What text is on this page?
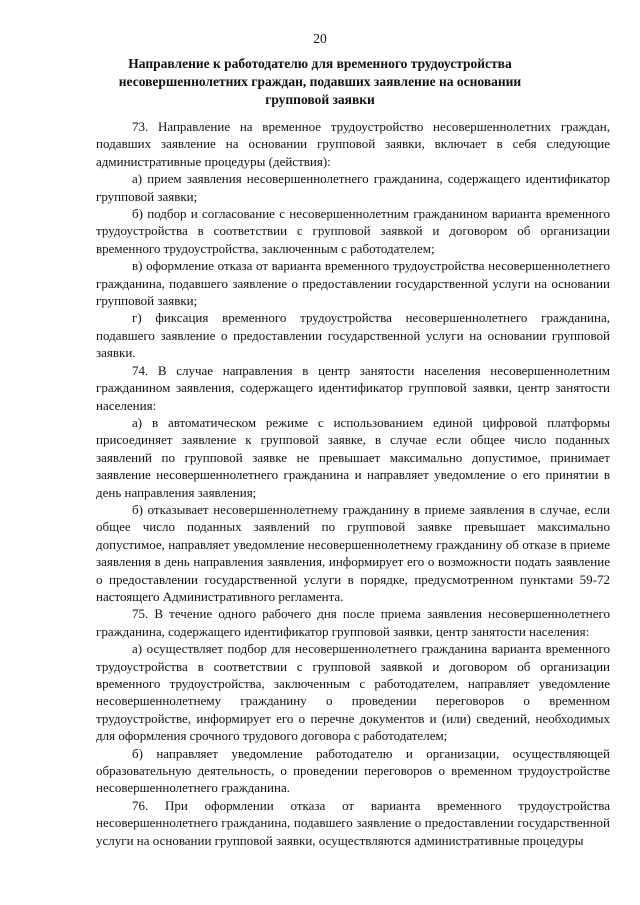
20
Направление к работодателю для временного трудоустройства несовершеннолетних граждан, подавших заявление на основании групповой заявки

73. Направление на временное трудоустройство несовершеннолетних граждан, подавших заявление на основании групповой заявки, включает в себя следующие административные процедуры (действия):

а) прием заявления несовершеннолетнего гражданина, содержащего идентификатор групповой заявки;

б) подбор и согласование с несовершеннолетним гражданином варианта временного трудоустройства в соответствии с групповой заявкой и договором об организации временного трудоустройства, заключенным с работодателем;

в) оформление отказа от варианта временного трудоустройства несовершеннолетнего гражданина, подавшего заявление о предоставлении государственной услуги на основании групповой заявки;

г) фиксация временного трудоустройства несовершеннолетнего гражданина, подавшего заявление о предоставлении государственной услуги на основании групповой заявки.

74. В случае направления в центр занятости населения несовершеннолетним гражданином заявления, содержащего идентификатор групповой заявки, центр занятости населения:

а) в автоматическом режиме с использованием единой цифровой платформы присоединяет заявление к групповой заявке, в случае если общее число поданных заявлений по групповой заявке не превышает максимально допустимое, принимает заявление несовершеннолетнего гражданина и направляет уведомление о его принятии в день направления заявления;

б) отказывает несовершеннолетнему гражданину в приеме заявления в случае, если общее число поданных заявлений по групповой заявке превышает максимально допустимое, направляет уведомление несовершеннолетнему гражданину об отказе в приеме заявления в день направления заявления, информирует его о возможности подать заявление о предоставлении государственной услуги в порядке, предусмотренном пунктами 59-72 настоящего Административного регламента.

75. В течение одного рабочего дня после приема заявления несовершеннолетнего гражданина, содержащего идентификатор групповой заявки, центр занятости населения:

а) осуществляет подбор для несовершеннолетнего гражданина варианта временного трудоустройства в соответствии с групповой заявкой и договором об организации временного трудоустройства, заключенным с работодателем, направляет уведомление несовершеннолетнему гражданину о проведении переговоров о временном трудоустройстве, информирует его о перечне документов и (или) сведений, необходимых для оформления срочного трудового договора с работодателем;

б) направляет уведомление работодателю и организации, осуществляющей образовательную деятельность, о проведении переговоров о временном трудоустройстве несовершеннолетнего гражданина.

76. При оформлении отказа от варианта временного трудоустройства несовершеннолетнего гражданина, подавшего заявление о предоставлении государственной услуги на основании групповой заявки, осуществляются административные процедуры
